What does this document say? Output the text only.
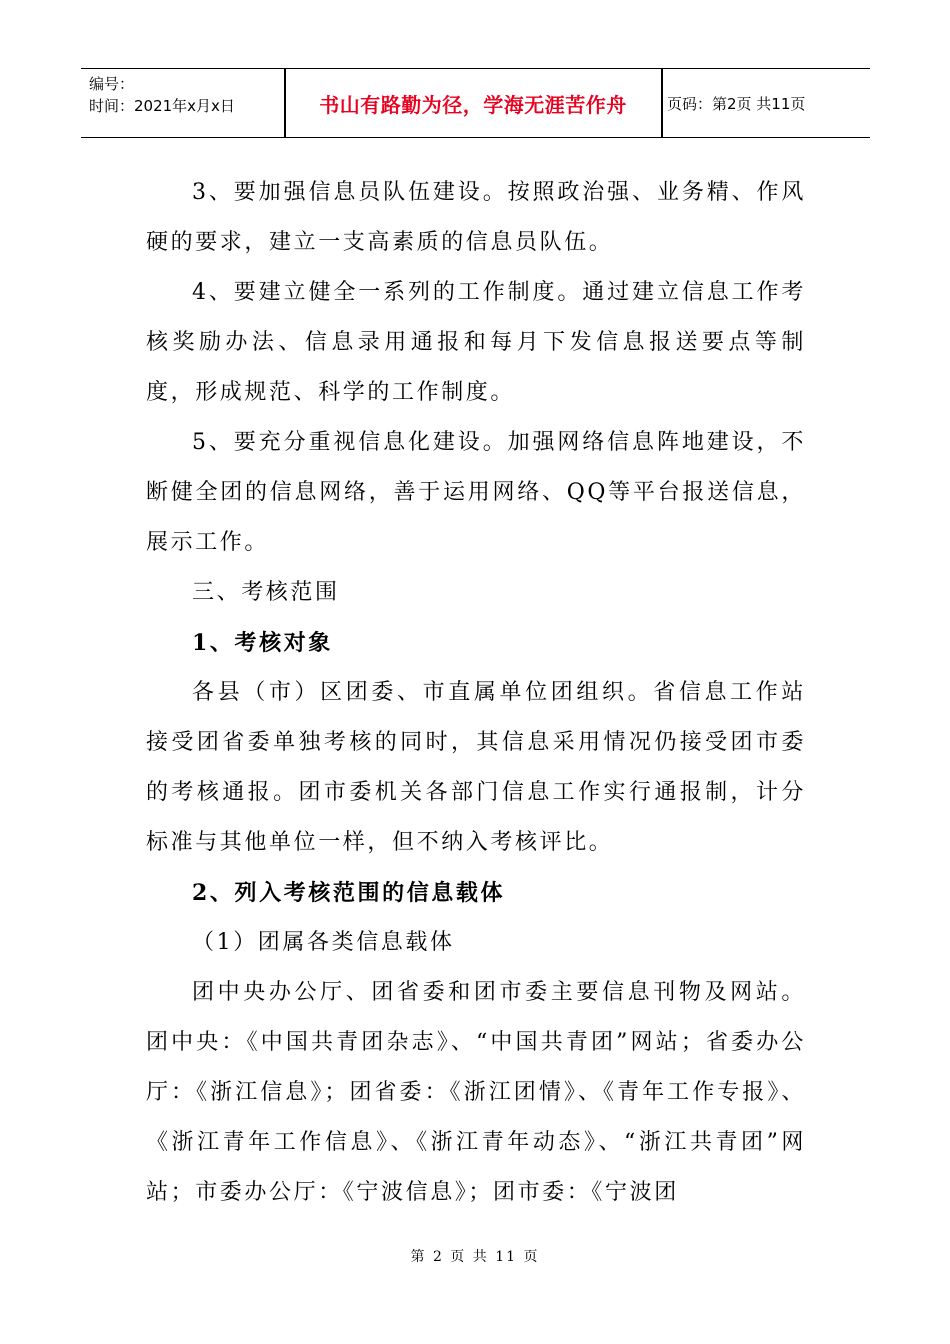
编号：
时间：2021年x月x日	书山有路勤为径，学海无涯苦作舟	页码：第2页 共11页

3、要加强信息员队伍建设。按照政治强、业务精、作风硬的要求，建立一支高素质的信息员队伍。

4、要建立健全一系列的工作制度。通过建立信息工作考核奖励办法、信息录用通报和每月下发信息报送要点等制度，形成规范、科学的工作制度。

5、要充分重视信息化建设。加强网络信息阵地建设，不断健全团的信息网络，善于运用网络、QQ等平台报送信息，展示工作。

三、考核范围

1、考核对象

各县（市）区团委、市直属单位团组织。省信息工作站接受团省委单独考核的同时，其信息采用情况仍接受团市委的考核通报。团市委机关各部门信息工作实行通报制，计分标准与其他单位一样，但不纳入考核评比。

2、列入考核范围的信息载体

（1）团属各类信息载体

团中央办公厅、团省委和团市委主要信息刊物及网站。团中央：《中国共青团杂志》、“中国共青团”网站；省委办公厅：《浙江信息》；团省委：《浙江团情》、《青年工作专报》、《浙江青年工作信息》、《浙江青年动态》、“浙江共青团”网站；市委办公厅：《宁波信息》；团市委：《宁波团

第 2 页 共 11 页
